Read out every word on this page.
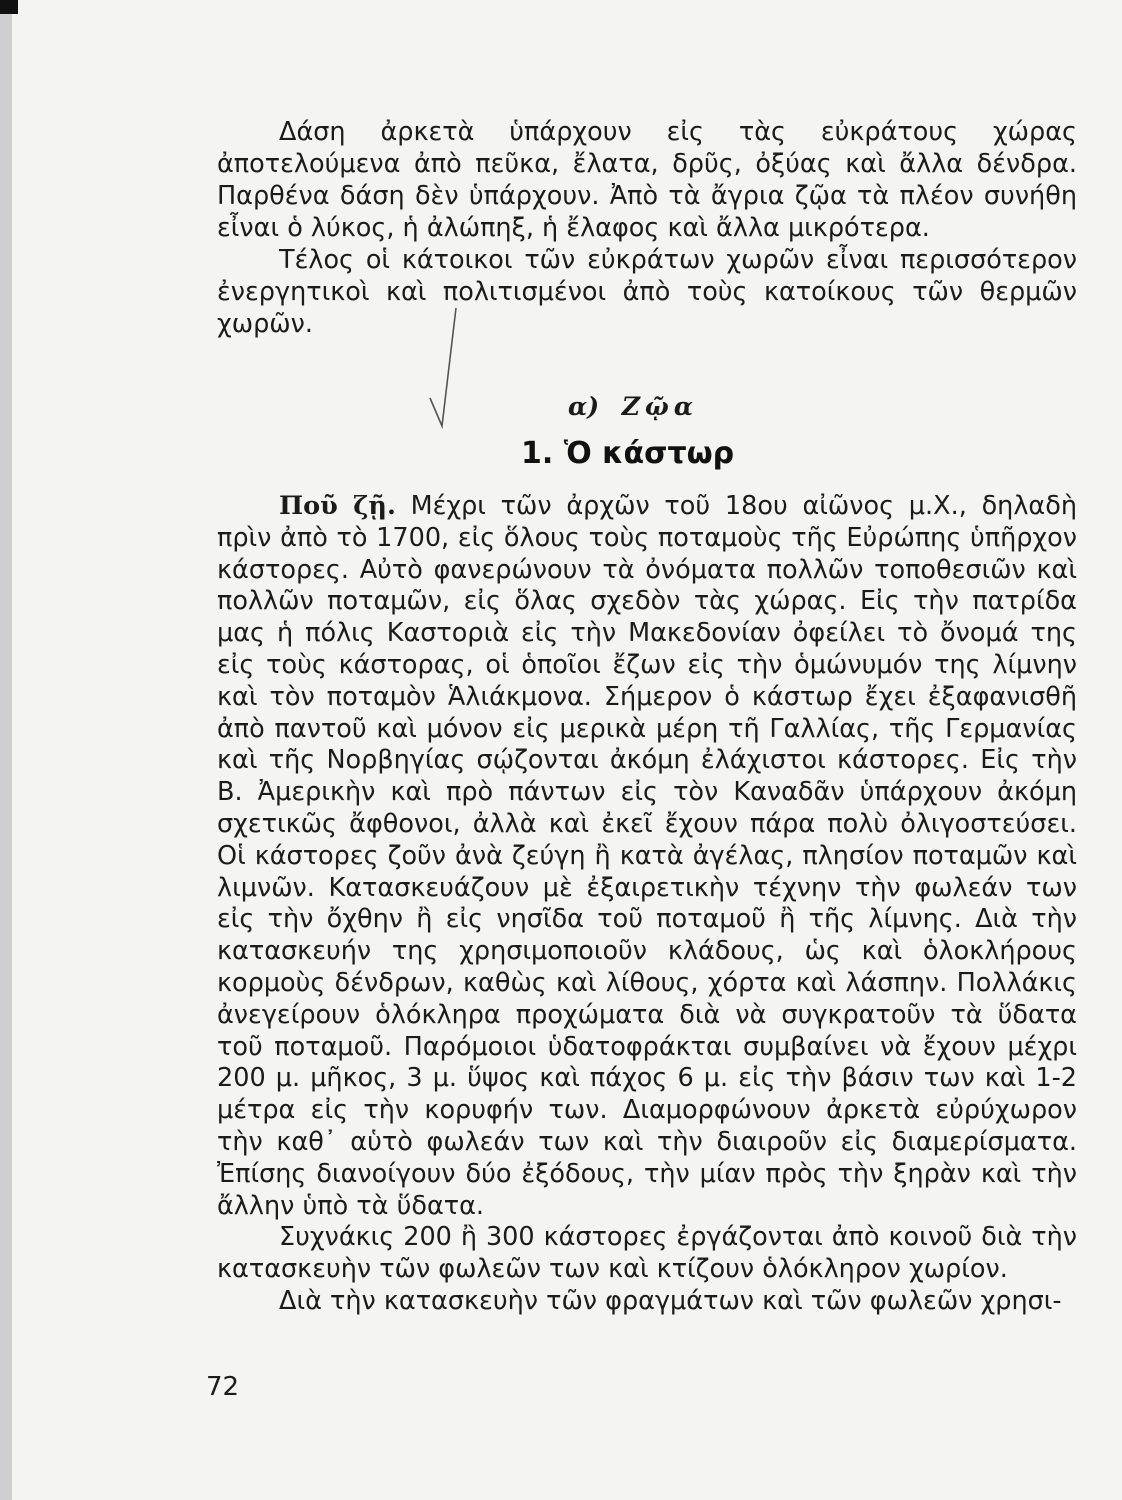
Δάση ἀρκετὰ ὑπάρχουν εἰς τὰς εὐκράτους χώρας ἀποτελούμενα ἀπὸ πεῦκα, ἔλατα, δρῦς, ὀξύας καὶ ἄλλα δένδρα. Παρθένα δάση δὲν ὑπάρχουν. Ἀπὸ τὰ ἄγρια ζῷα τὰ πλέον συνήθη εἶναι ὁ λύκος, ἡ ἀλώπηξ, ἡ ἔλαφος καὶ ἄλλα μικρότερα.

Τέλος οἱ κάτοικοι τῶν εὐκράτων χωρῶν εἶναι περισσότερον ἐνεργητικοὶ καὶ πολιτισμένοι ἀπὸ τοὺς κατοίκους τῶν θερμῶν χωρῶν.

α) Ζῷα
1. Ὁ κάστωρ

Ποῦ ζῇ. Μέχρι τῶν ἀρχῶν τοῦ 18ου αἰῶνος μ.Χ., δηλαδὴ πρὶν ἀπὸ τὸ 1700, εἰς ὅλους τοὺς ποταμοὺς τῆς Εὐρώπης ὑπῆρχον κάστορες. Αὐτὸ φανερώνουν τὰ ὀνόματα πολλῶν τοποθεσιῶν καὶ πολλῶν ποταμῶν, εἰς ὅλας σχεδὸν τὰς χώρας. Εἰς τὴν πατρίδα μας ἡ πόλις Καστοριὰ εἰς τὴν Μακεδονίαν ὀφείλει τὸ ὄνομά της εἰς τοὺς κάστορας, οἱ ὁποῖοι ἔζων εἰς τὴν ὁμώνυμόν της λίμνην καὶ τὸν ποταμὸν Ἁλιάκμονα. Σήμερον ὁ κάστωρ ἔχει ἐξαφανισθῆ ἀπὸ παντοῦ καὶ μόνον εἰς μερικὰ μέρη τῆ Γαλλίας, τῆς Γερμανίας καὶ τῆς Νορβηγίας σῴζονται ἀκόμη ἐλάχιστοι κάστορες. Εἰς τὴν Β. Ἀμερικὴν καὶ πρὸ πάντων εἰς τὸν Καναδᾶν ὑπάρχουν ἀκόμη σχετικῶς ἄφθονοι, ἀλλὰ καὶ ἐκεῖ ἔχουν πάρα πολὺ ὀλιγοστεύσει. Οἱ κάστορες ζοῦν ἀνὰ ζεύγη ἢ κατὰ ἀγέλας, πλησίον ποταμῶν καὶ λιμνῶν. Κατασκευάζουν μὲ ἐξαιρετικὴν τέχνην τὴν φωλεάν των εἰς τὴν ὄχθην ἢ εἰς νησῖδα τοῦ ποταμοῦ ἢ τῆς λίμνης. Διὰ τὴν κατασκευήν της χρησιμοποιοῦν κλάδους, ὡς καὶ ὁλοκλήρους κορμοὺς δένδρων, καθὼς καὶ λίθους, χόρτα καὶ λάσπην. Πολλάκις ἀνεγείρουν ὁλόκληρα προχώματα διὰ νὰ συγκρατοῦν τὰ ὕδατα τοῦ ποταμοῦ. Παρόμοιοι ὑδατοφράκται συμβαίνει νὰ ἔχουν μέχρι 200 μ. μῆκος, 3 μ. ὕψος καὶ πάχος 6 μ. εἰς τὴν βάσιν των καὶ 1-2 μέτρα εἰς τὴν κορυφήν των. Διαμορφώνουν ἀρκετὰ εὐρύχωρον τὴν καθ᾽ αὑτὸ φωλεάν των καὶ τὴν διαιροῦν εἰς διαμερίσματα. Ἐπίσης διανοίγουν δύο ἐξόδους, τὴν μίαν πρὸς τὴν ξηρὰν καὶ τὴν ἄλλην ὑπὸ τὰ ὕδατα.

Συχνάκις 200 ἢ 300 κάστορες ἐργάζονται ἀπὸ κοινοῦ διὰ τὴν κατασκευὴν τῶν φωλεῶν των καὶ κτίζουν ὁλόκληρον χωρίον.

Διὰ τὴν κατασκευὴν τῶν φραγμάτων καὶ τῶν φωλεῶν χρησι-

72
